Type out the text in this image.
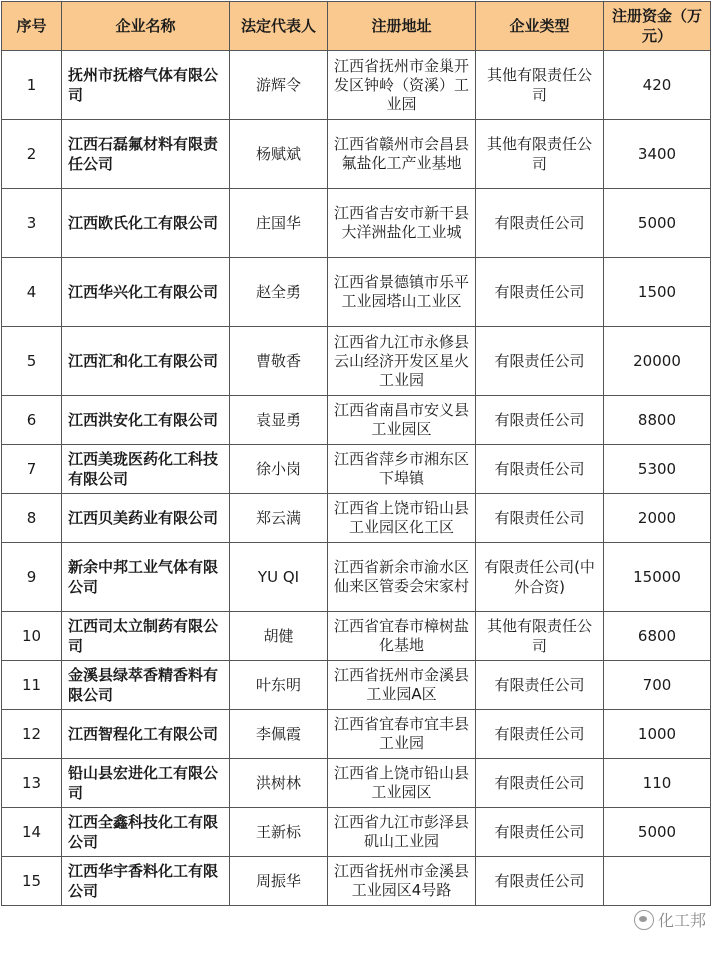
序号	企业名称	法定代表人	注册地址	企业类型	注册资金（万元）
1	抚州市抚榕气体有限公司	游辉令	江西省抚州市金巢开发区钟岭（资溪）工业园	其他有限责任公司	420
2	江西石磊氟材料有限责任公司	杨赋斌	江西省赣州市会昌县氟盐化工产业基地	其他有限责任公司	3400
3	江西欧氏化工有限公司	庄国华	江西省吉安市新干县大洋洲盐化工业城	有限责任公司	5000
4	江西华兴化工有限公司	赵全勇	江西省景德镇市乐平工业园塔山工业区	有限责任公司	1500
5	江西汇和化工有限公司	曹敬香	江西省九江市永修县云山经济开发区星火工业园	有限责任公司	20000
6	江西洪安化工有限公司	袁显勇	江西省南昌市安义县工业园区	有限责任公司	8800
7	江西美珑医药化工科技有限公司	徐小岗	江西省萍乡市湘东区下埠镇	有限责任公司	5300
8	江西贝美药业有限公司	郑云满	江西省上饶市铅山县工业园区化工区	有限责任公司	2000
9	新余中邦工业气体有限公司	YU QI	江西省新余市渝水区仙来区管委会宋家村	有限责任公司(中外合资)	15000
10	江西司太立制药有限公司	胡健	江西省宜春市樟树盐化基地	其他有限责任公司	6800
11	金溪县绿萃香精香料有限公司	叶东明	江西省抚州市金溪县工业园A区	有限责任公司	700
12	江西智程化工有限公司	李佩霞	江西省宜春市宜丰县工业园	有限责任公司	1000
13	铅山县宏进化工有限公司	洪树林	江西省上饶市铅山县工业园区	有限责任公司	110
14	江西全鑫科技化工有限公司	王新标	江西省九江市彭泽县矶山工业园	有限责任公司	5000
15	江西华宇香料化工有限公司	周振华	江西省抚州市金溪县工业园区4号路	有限责任公司	
化工邦
